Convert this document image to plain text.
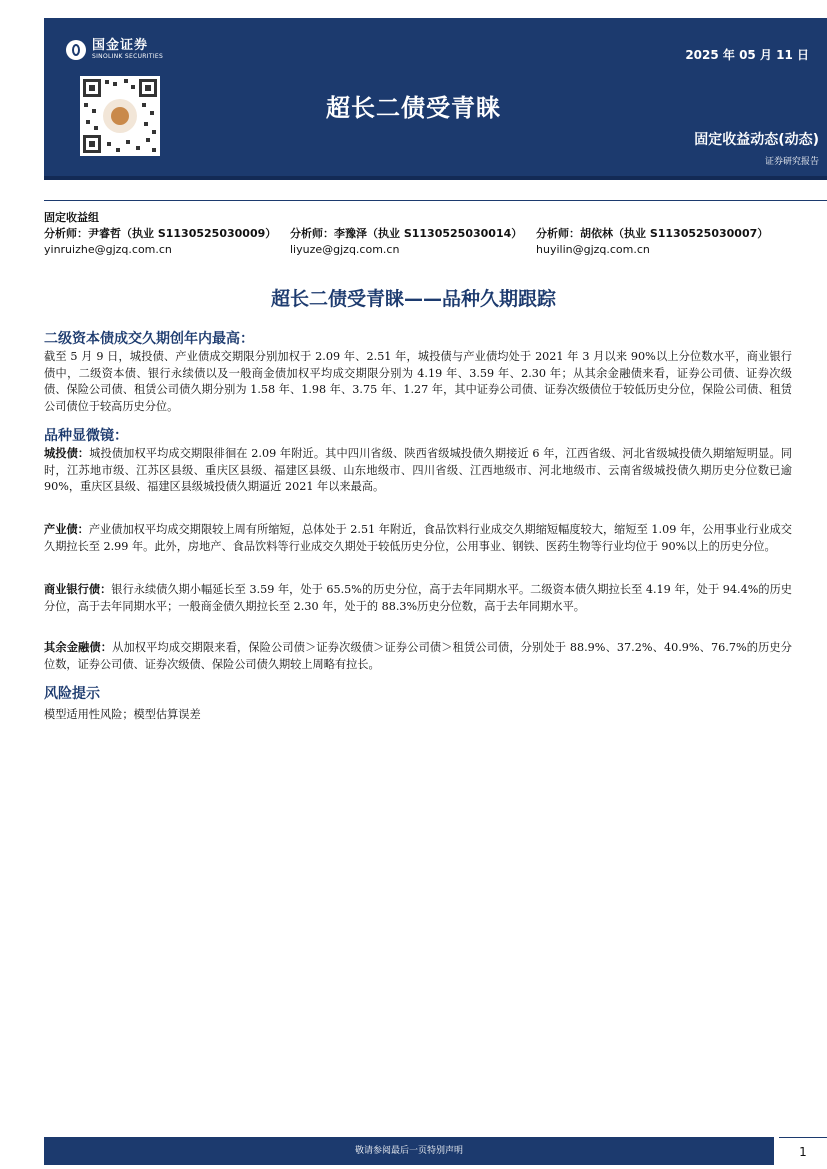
国金证券
SINOLINK SECURITIES	2025 年 05 月 11 日
超长二债受青睐
固定收益动态(动态)
证券研究报告
固定收益组
分析师：尹睿哲（执业 S1130525030009）	分析师：李豫泽（执业 S1130525030014）	分析师：胡依林（执业 S1130525030007）
yinruizhe@gjzq.com.cn	liyuze@gjzq.com.cn	huyilin@gjzq.com.cn
超长二债受青睐——品种久期跟踪
二级资本债成交久期创年内最高：
截至 5 月 9 日，城投债、产业债成交期限分别加权于 2.09 年、2.51 年，城投债与产业债均处于 2021 年 3 月以来 90%以上分位数水平，商业银行债中，二级资本债、银行永续债以及一般商金债加权平均成交期限分别为 4.19 年、3.59 年、2.30 年；从其余金融债来看，证券公司债、证券次级债、保险公司债、租赁公司债久期分别为 1.58 年、1.98 年、3.75 年、1.27 年，其中证券公司债、证券次级债位于较低历史分位，保险公司债、租赁公司债位于较高历史分位。
品种显微镜：
城投债：城投债加权平均成交期限徘徊在 2.09 年附近。其中四川省级、陕西省级城投债久期接近 6 年，江西省级、河北省级城投债久期缩短明显。同时，江苏地市级、江苏区县级、重庆区县级、福建区县级、山东地级市、四川省级、江西地级市、河北地级市、云南省级城投债久期历史分位数已逾 90%，重庆区县级、福建区县级城投债久期逼近 2021 年以来最高。
产业债：产业债加权平均成交期限较上周有所缩短，总体处于 2.51 年附近，食品饮料行业成交久期缩短幅度较大，缩短至 1.09 年，公用事业行业成交久期拉长至 2.99 年。此外，房地产、食品饮料等行业成交久期处于较低历史分位，公用事业、钢铁、医药生物等行业均位于 90%以上的历史分位。
商业银行债：银行永续债久期小幅延长至 3.59 年，处于 65.5%的历史分位，高于去年同期水平。二级资本债久期拉长至 4.19 年，处于 94.4%的历史分位，高于去年同期水平；一般商金债久期拉长至 2.30 年，处于的 88.3%历史分位数，高于去年同期水平。
其余金融债：从加权平均成交期限来看，保险公司债＞证券次级债＞证券公司债＞租赁公司债，分别处于 88.9%、37.2%、40.9%、76.7%的历史分位数，证券公司债、证券次级债、保险公司债久期较上周略有拉长。
风险提示
模型适用性风险；模型估算误差
敬请参阅最后一页特别声明	1
